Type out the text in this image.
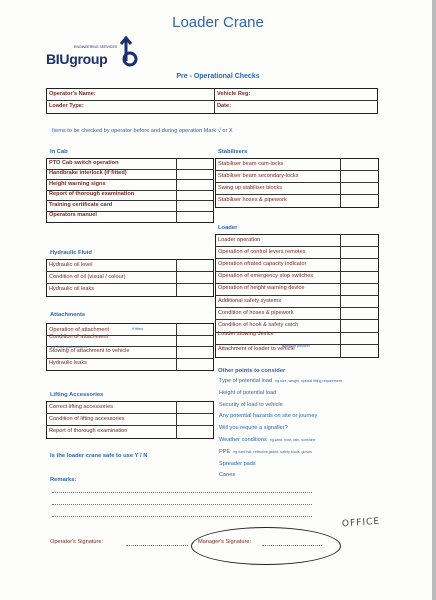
Loader Crane
ENGINEERING SERVICES
BIUgroup
Pre - Operational Checks
Operator's Name:	Vehicle Reg:
Loader Type:	Date:
Items to be checked by operator before and during operation Mark √ or X
In Cab
PTO Cab switch operation
Handbrake interlock (if fitted)
Height warning signs
Report of thorough examination
Training certificate card
Operators manuel
Stabilisers
Stabiliser beam cam-locks
Stabiliser beam secondary-locks
Swing up stabiliser blocks
Stabiliser hoses & pipework
Hydraulic Fluid
Hydraulic oil level
Condition of oil (visual / colour)
Hydraulic oil leaks
Loader
Loader operation
Operation of control levers remotes
Operation ofrated capacity indicator
Operation of emergency stop switches
Operation of height warning device
Additional safety systems
Condition of hoses & pipework
Condition of hook & safety catch
Loader stowing device
Attachment of loader to vehicle
transport position
Attachments
Operation of attachment
Condition of attachment
Stowing of attachment to vehicle
Hydraulic leaks
if fitted
eg. brick grab, rubbers
Other points to consider
Type of potential load eg size, weight, special lifting requirement
Height of potential load
Security of load to vehicle
Any potential hazards on site or journey
Will you require a signaller?
Weather conditions eg wind, frost, rain, sunshine
PPE eg hard hat, reflective jacket, safety boots, gloves
Spreader pads
Cones
Lifting Accessories
Correct lifting accessories
Condition of lifting accessories
Report of thorough examination
Is the loader crane safe to use Y / N
Remarks:
Operator's Signature:	Manager's Signature:
OFFICE
